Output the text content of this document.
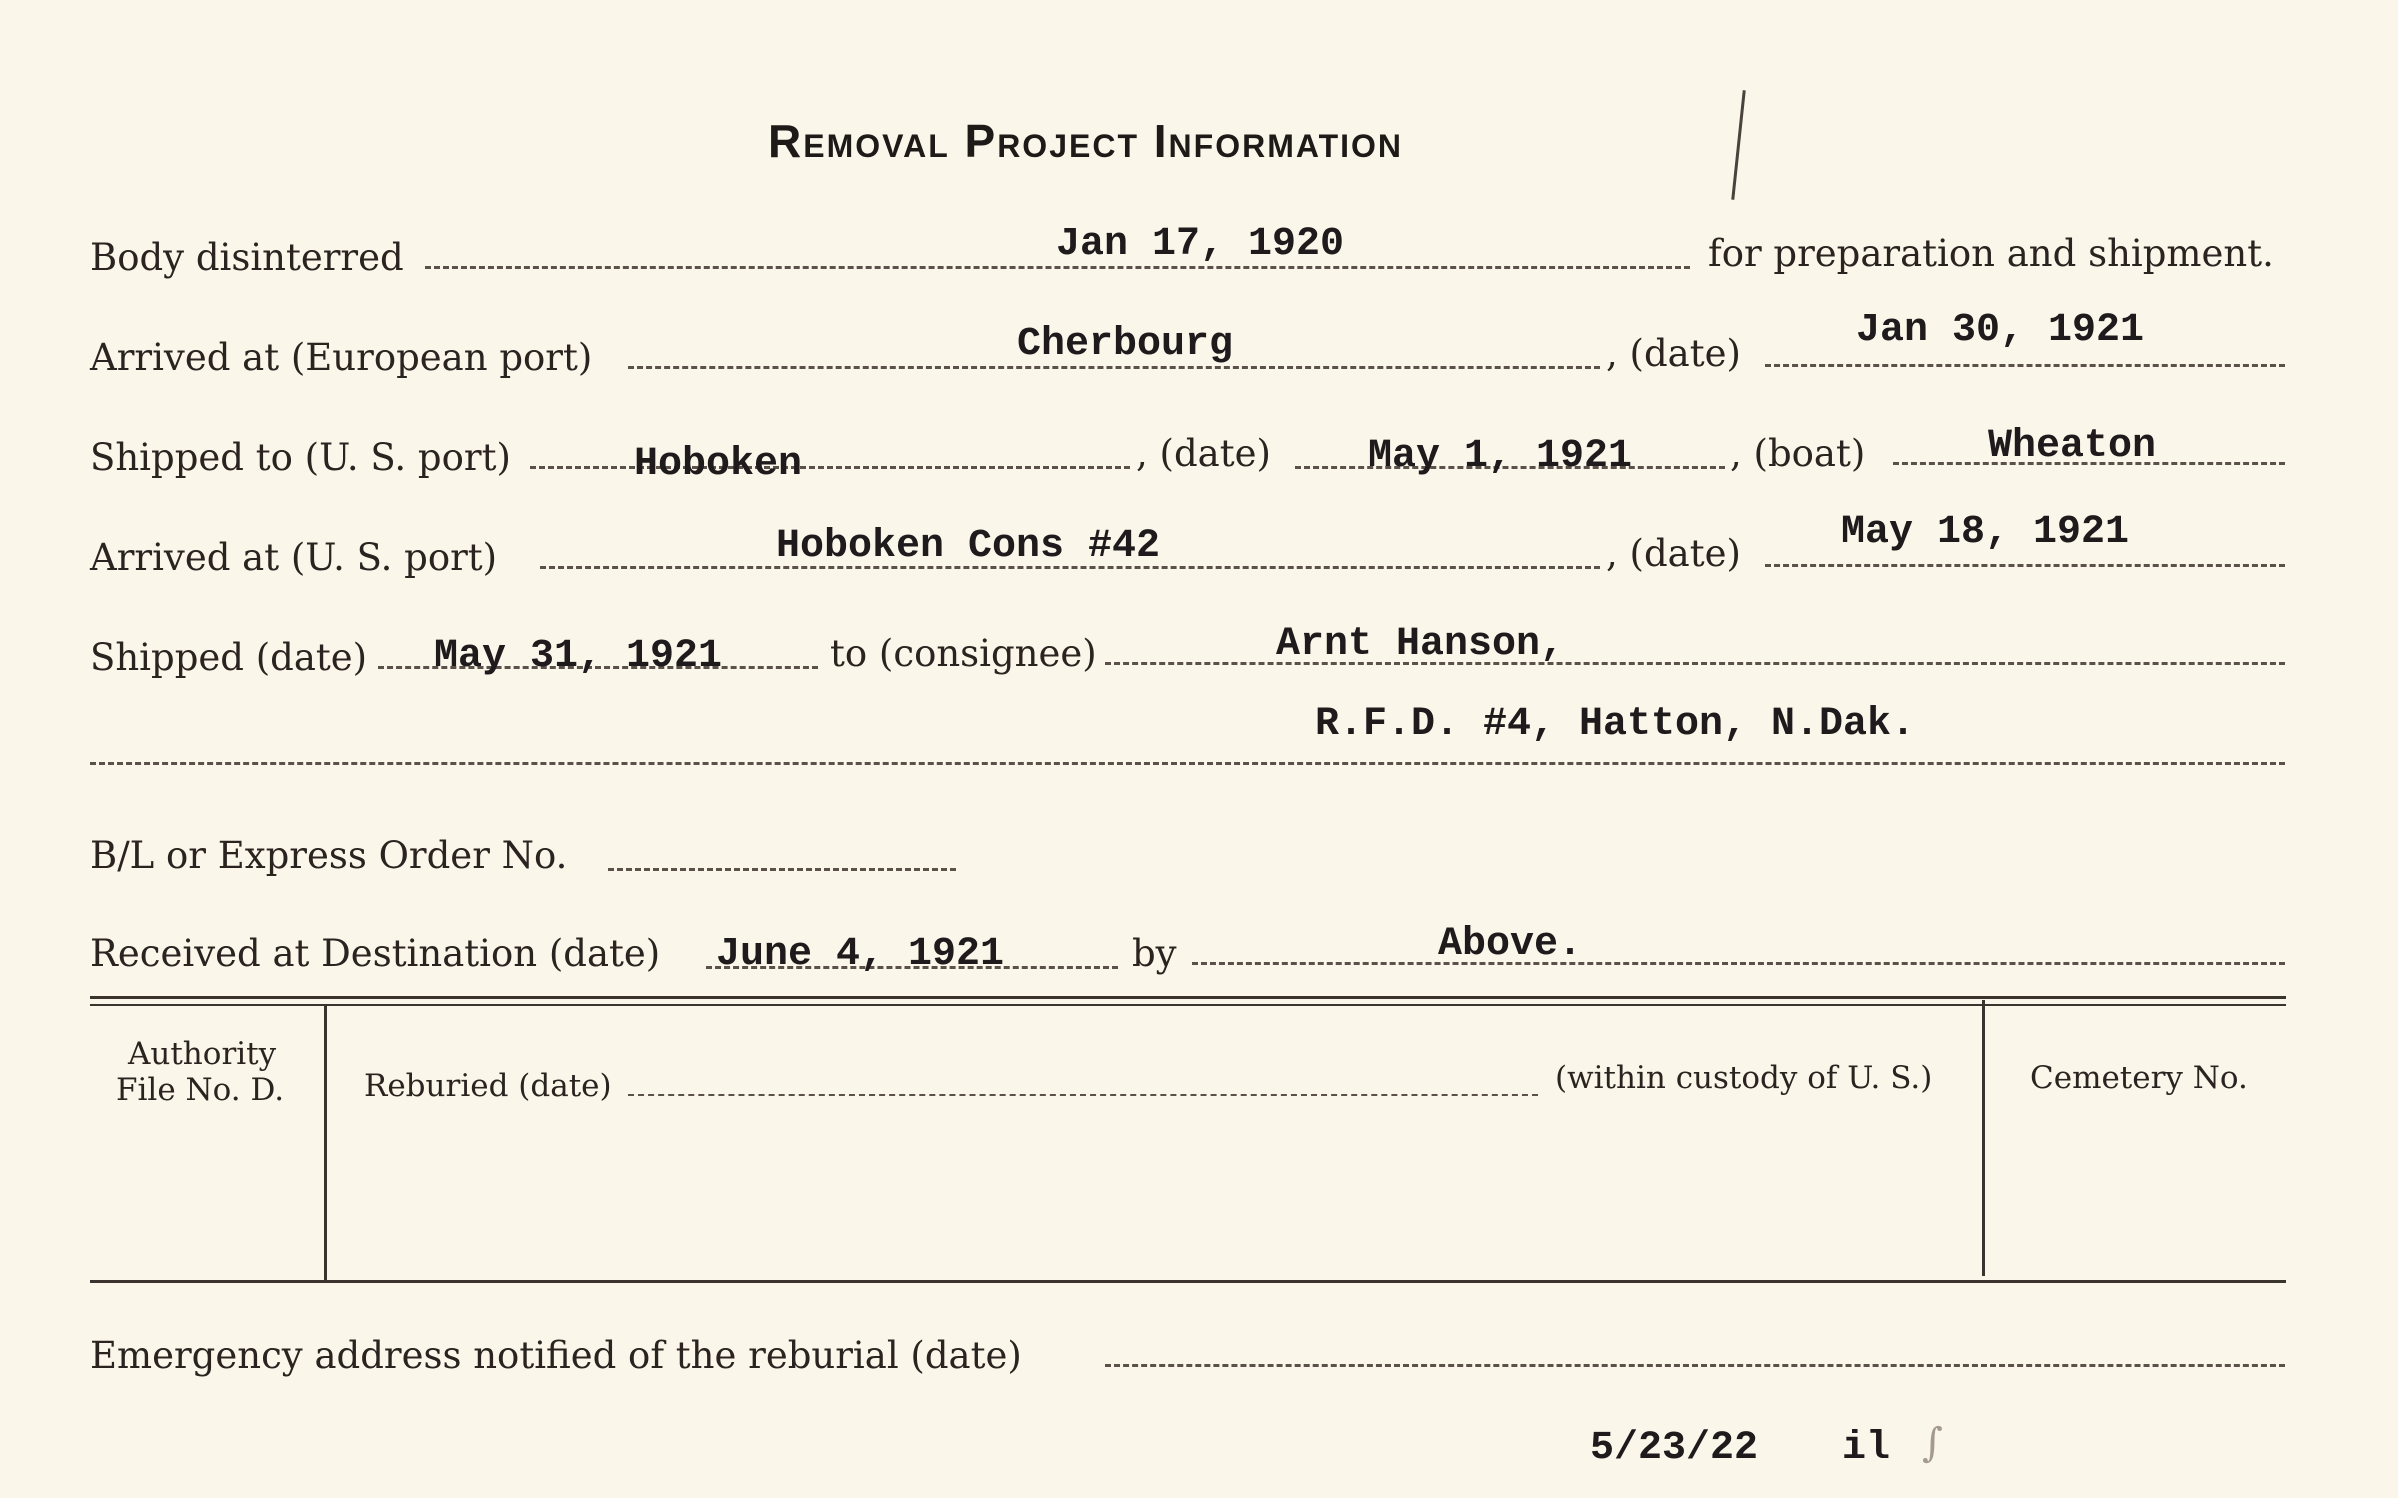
Removal Project Information
Body disinterred	Jan 17, 1920	for preparation and shipment.
Arrived at (European port)	Cherbourg	, (date)
Jan 30, 1921
Shipped to (U. S. port)	Hoboken	, (date) May 1, 1921	, (boat)	Wheaton
Arrived at (U. S. port)	Hoboken Cons #42	, (date)	May 18, 1921
Shipped (date) May 31, 1921	to (consignee)	Arnt Hanson,
R.F.D. #4, Hatton, N.Dak.
B/L or Express Order No.
Received at Destination (date) June 4, 1921	by	Above.
Authority
File No. D.	Reburied (date)	(within custody of U. S.)	Cemetery No.
Emergency address notified of the reburial (date)
5/23/22 il ∫
